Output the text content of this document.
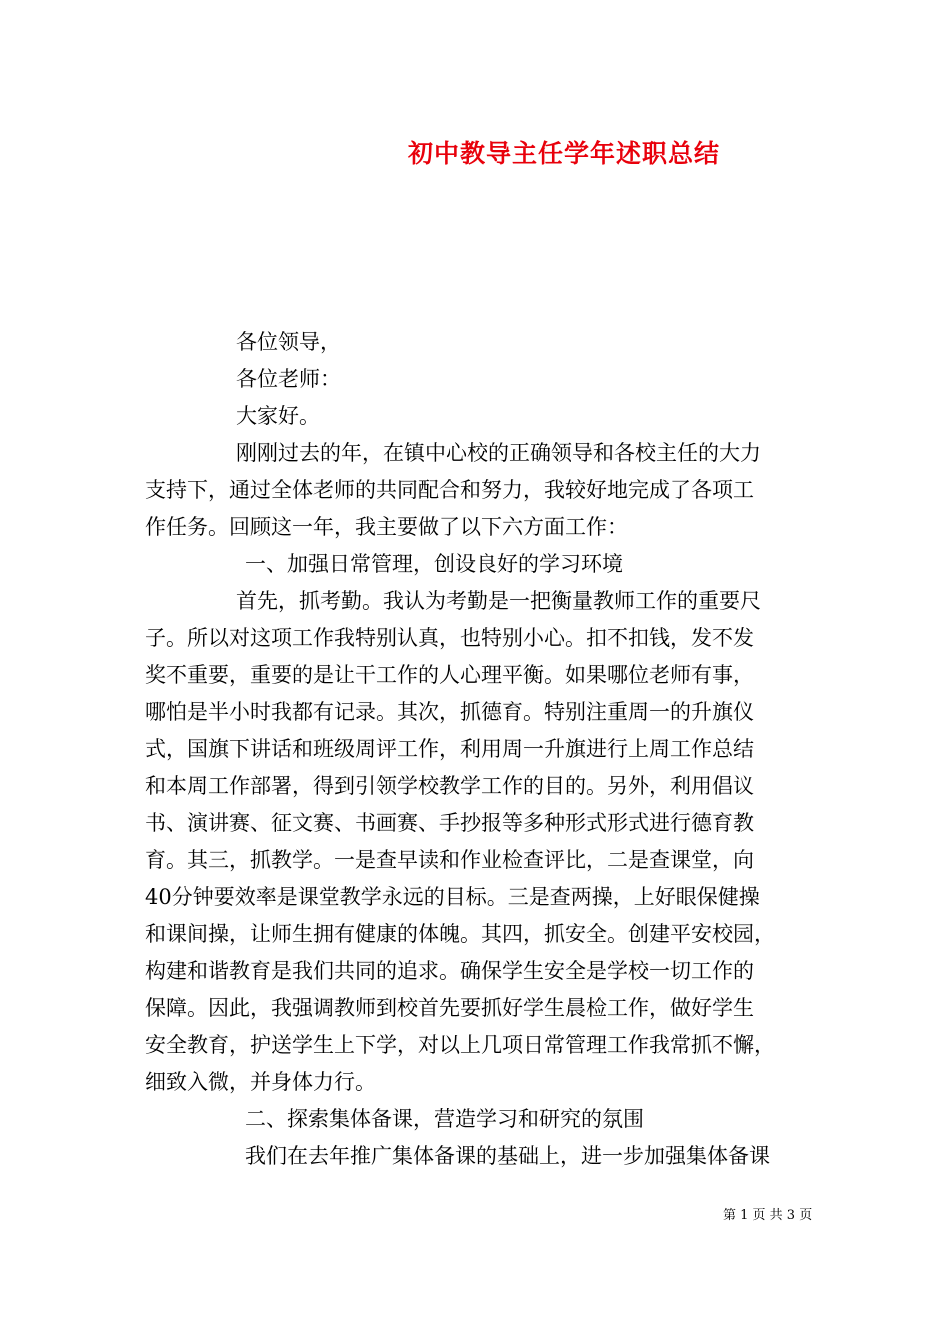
初中教导主任学年述职总结
各位领导，
各位老师：
大家好。
刚刚过去的年，在镇中心校的正确领导和各校主任的大力
支持下，通过全体老师的共同配合和努力，我较好地完成了各项工
作任务。回顾这一年，我主要做了以下六方面工作：
一、加强日常管理，创设良好的学习环境
首先，抓考勤。我认为考勤是一把衡量教师工作的重要尺
子。所以对这项工作我特别认真，也特别小心。扣不扣钱，发不发
奖不重要，重要的是让干工作的人心理平衡。如果哪位老师有事，
哪怕是半小时我都有记录。其次，抓德育。特别注重周一的升旗仪
式，国旗下讲话和班级周评工作，利用周一升旗进行上周工作总结
和本周工作部署，得到引领学校教学工作的目的。另外，利用倡议
书、演讲赛、征文赛、书画赛、手抄报等多种形式形式进行德育教
育。其三，抓教学。一是查早读和作业检查评比，二是查课堂，向
40分钟要效率是课堂教学永远的目标。三是查两操，上好眼保健操
和课间操，让师生拥有健康的体魄。其四，抓安全。创建平安校园，
构建和谐教育是我们共同的追求。确保学生安全是学校一切工作的
保障。因此，我强调教师到校首先要抓好学生晨检工作，做好学生
安全教育，护送学生上下学，对以上几项日常管理工作我常抓不懈，
细致入微，并身体力行。
二、探索集体备课，营造学习和研究的氛围
我们在去年推广集体备课的基础上，进一步加强集体备课
第 1 页 共 3 页
